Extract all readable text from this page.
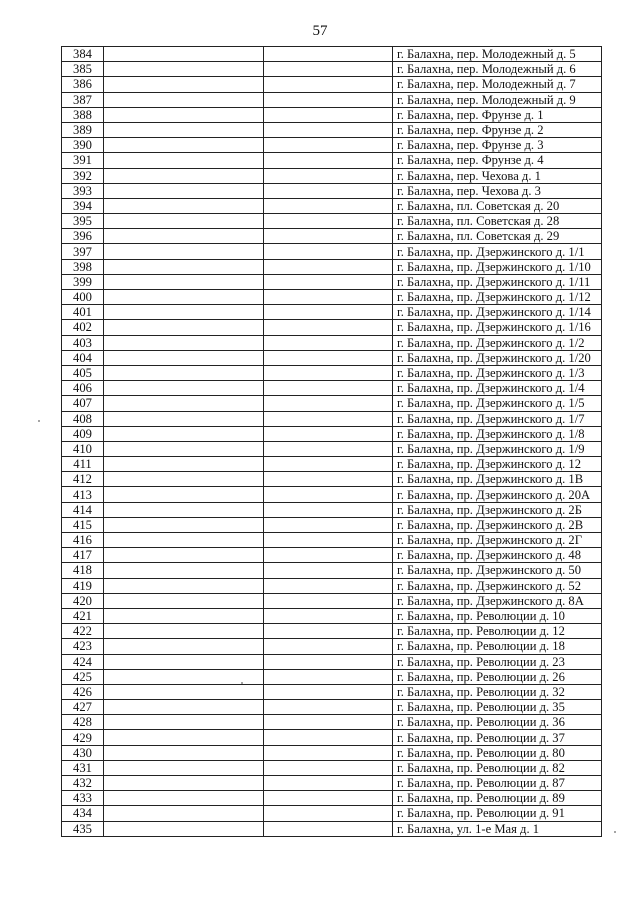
57
384			г. Балахна, пер. Молодежный д. 5
385			г. Балахна, пер. Молодежный д. 6
386			г. Балахна, пер. Молодежный д. 7
387			г. Балахна, пер. Молодежный д. 9
388			г. Балахна, пер. Фрунзе д. 1
389			г. Балахна, пер. Фрунзе д. 2
390			г. Балахна, пер. Фрунзе д. 3
391			г. Балахна, пер. Фрунзе д. 4
392			г. Балахна, пер. Чехова д. 1
393			г. Балахна, пер. Чехова д. 3
394			г. Балахна, пл. Советская д. 20
395			г. Балахна, пл. Советская д. 28
396			г. Балахна, пл. Советская д. 29
397			г. Балахна, пр. Дзержинского д. 1/1
398			г. Балахна, пр. Дзержинского д. 1/10
399			г. Балахна, пр. Дзержинского д. 1/11
400			г. Балахна, пр. Дзержинского д. 1/12
401			г. Балахна, пр. Дзержинского д. 1/14
402			г. Балахна, пр. Дзержинского д. 1/16
403			г. Балахна, пр. Дзержинского д. 1/2
404			г. Балахна, пр. Дзержинского д. 1/20
405			г. Балахна, пр. Дзержинского д. 1/3
406			г. Балахна, пр. Дзержинского д. 1/4
407			г. Балахна, пр. Дзержинского д. 1/5
408			г. Балахна, пр. Дзержинского д. 1/7
409			г. Балахна, пр. Дзержинского д. 1/8
410			г. Балахна, пр. Дзержинского д. 1/9
411			г. Балахна, пр. Дзержинского д. 12
412			г. Балахна, пр. Дзержинского д. 1В
413			г. Балахна, пр. Дзержинского д. 20А
414			г. Балахна, пр. Дзержинского д. 2Б
415			г. Балахна, пр. Дзержинского д. 2В
416			г. Балахна, пр. Дзержинского д. 2Г
417			г. Балахна, пр. Дзержинского д. 48
418			г. Балахна, пр. Дзержинского д. 50
419			г. Балахна, пр. Дзержинского д. 52
420			г. Балахна, пр. Дзержинского д. 8А
421			г. Балахна, пр. Революции д. 10
422			г. Балахна, пр. Революции д. 12
423			г. Балахна, пр. Революции д. 18
424			г. Балахна, пр. Революции д. 23
425			г. Балахна, пр. Революции д. 26
426			г. Балахна, пр. Революции д. 32
427			г. Балахна, пр. Революции д. 35
428			г. Балахна, пр. Революции д. 36
429			г. Балахна, пр. Революции д. 37
430			г. Балахна, пр. Революции д. 80
431			г. Балахна, пр. Революции д. 82
432			г. Балахна, пр. Революции д. 87
433			г. Балахна, пр. Революции д. 89
434			г. Балахна, пр. Революции д. 91
435			г. Балахна, ул. 1-е Мая д. 1
